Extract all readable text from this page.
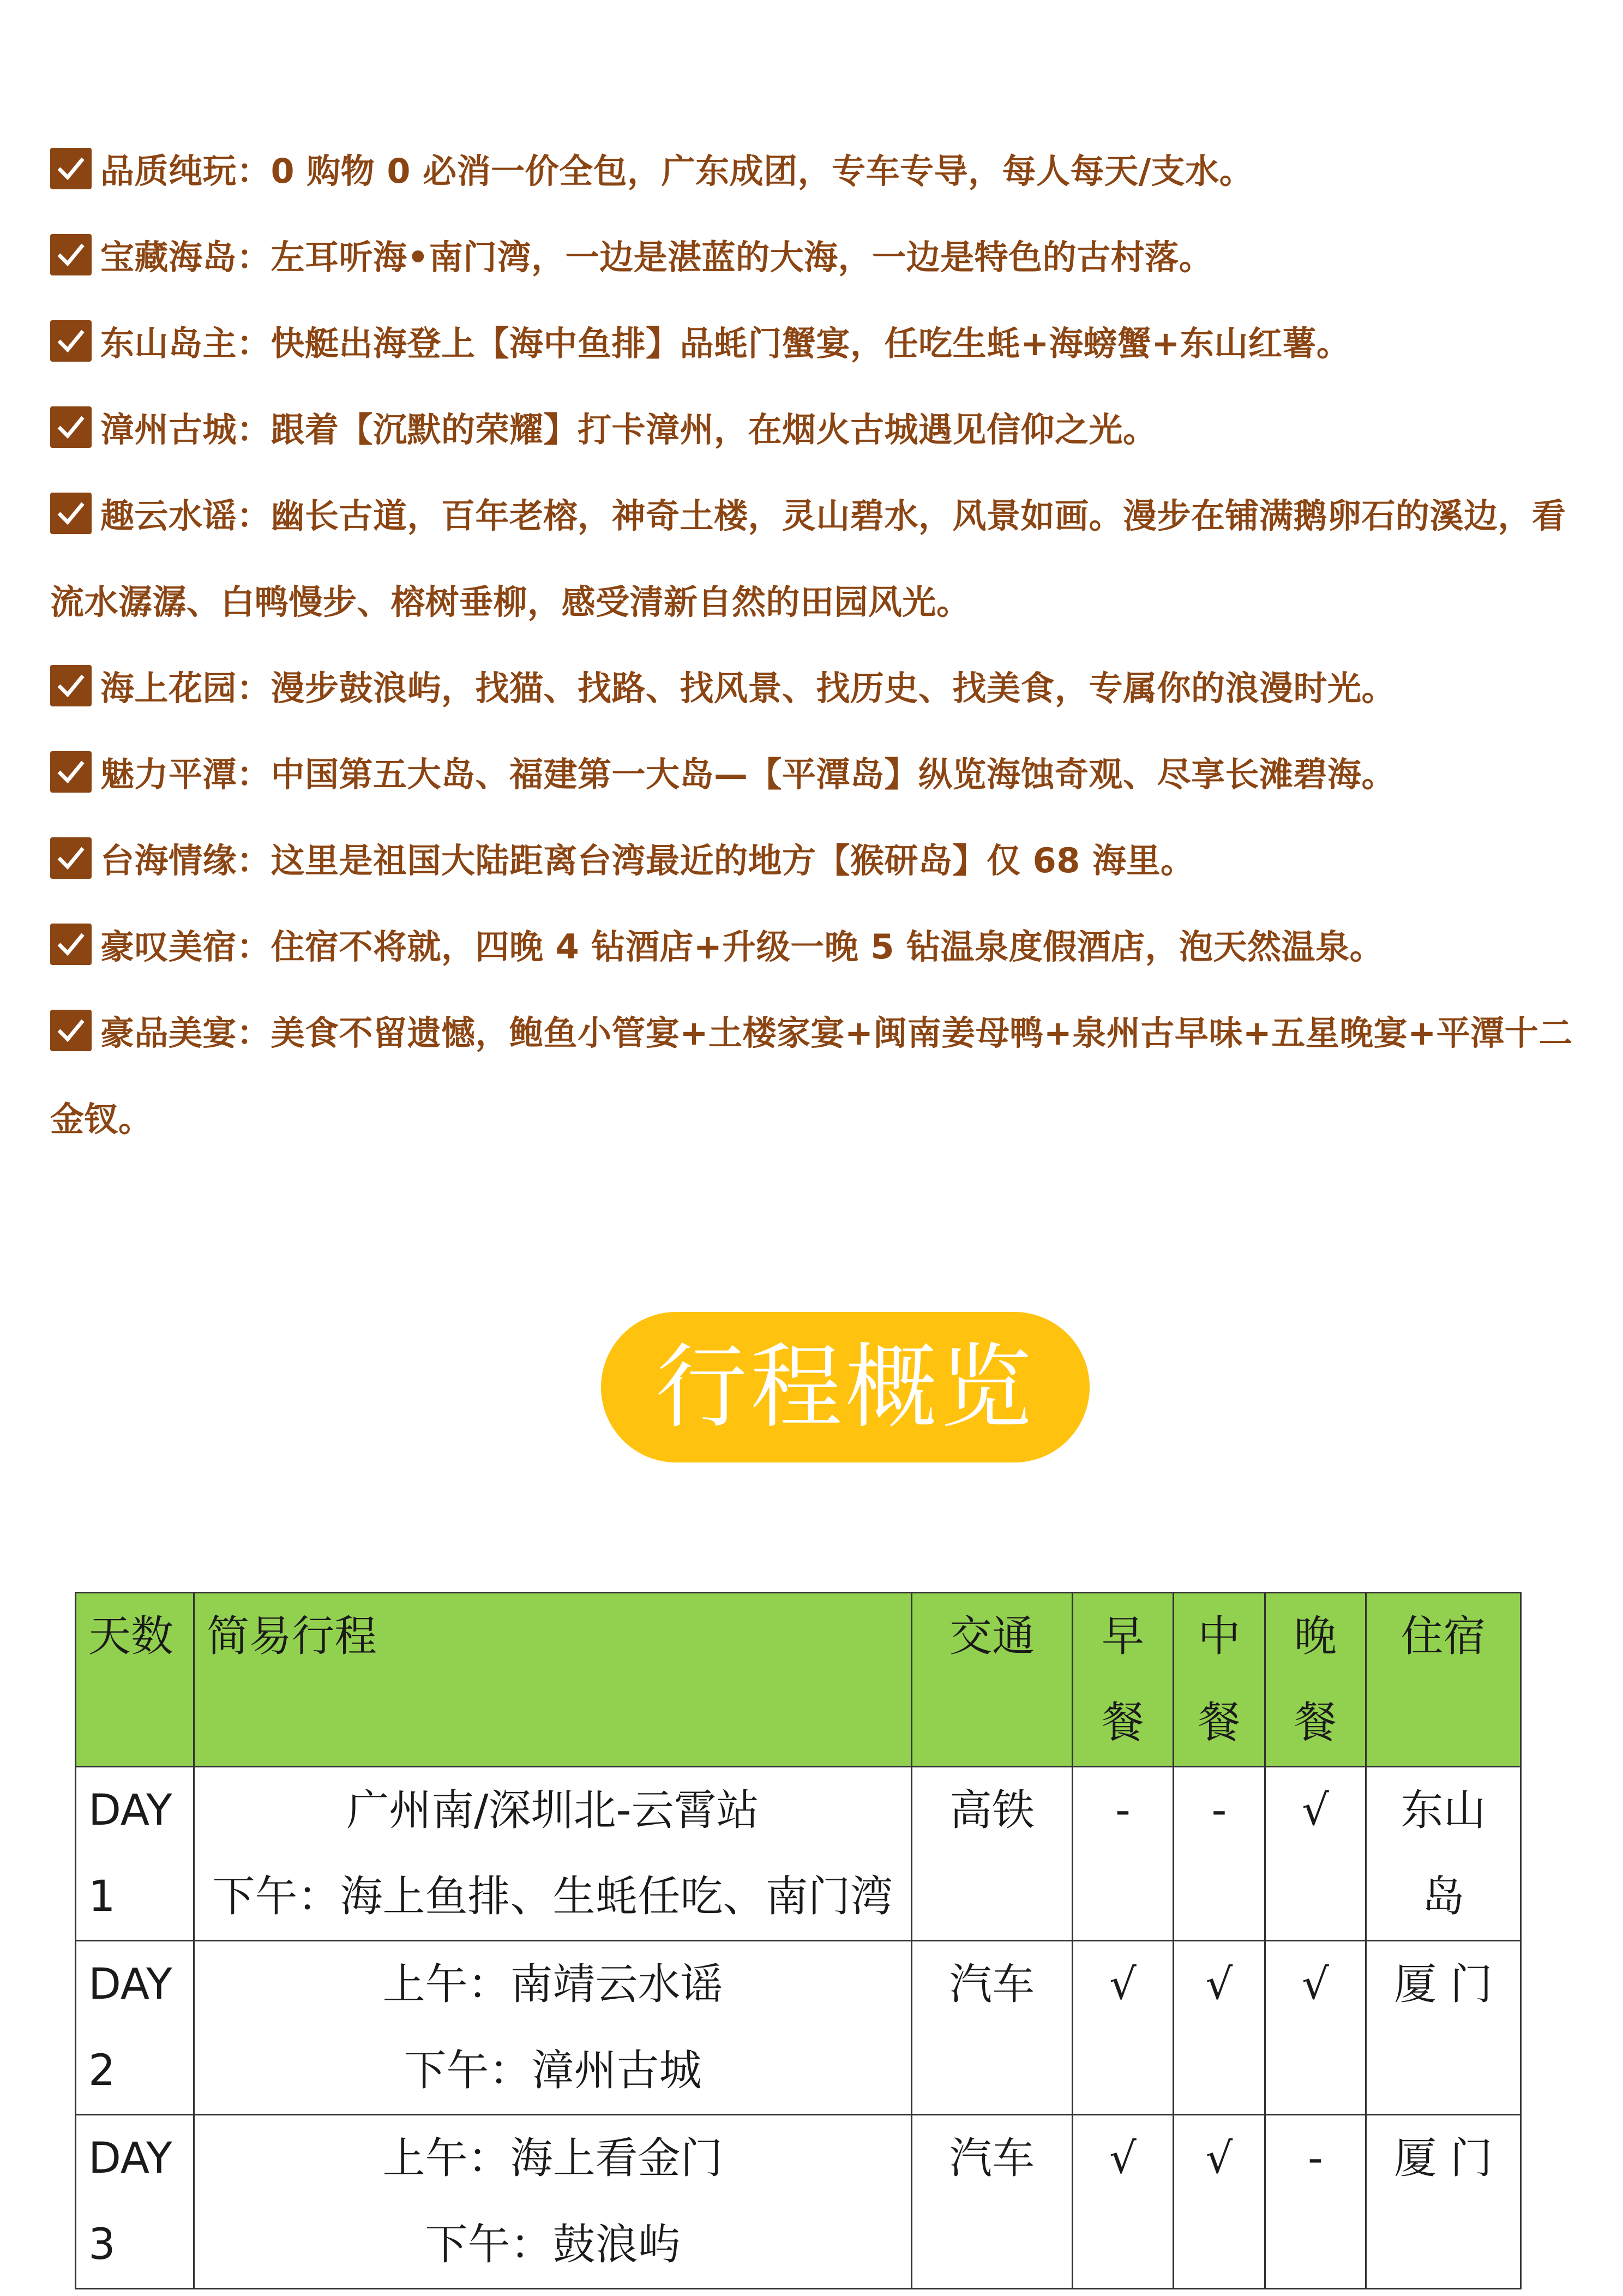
品质纯玩：0 购物 0 必消一价全包，广东成团，专车专导，每人每天/支水。
宝藏海岛：左耳听海•南门湾，一边是湛蓝的大海，一边是特色的古村落。
东山岛主：快艇出海登上【海中鱼排】品蚝门蟹宴，任吃生蚝+海螃蟹+东山红薯。
漳州古城：跟着【沉默的荣耀】打卡漳州，在烟火古城遇见信仰之光。
趣云水谣：幽长古道，百年老榕，神奇土楼，灵山碧水，风景如画。漫步在铺满鹅卵石的溪边，看流水潺潺、白鸭慢步、榕树垂柳，感受清新自然的田园风光。
海上花园：漫步鼓浪屿，找猫、找路、找风景、找历史、找美食，专属你的浪漫时光。
魅力平潭：中国第五大岛、福建第一大岛—【平潭岛】纵览海蚀奇观、尽享长滩碧海。
台海情缘：这里是祖国大陆距离台湾最近的地方【猴研岛】仅 68 海里。
豪叹美宿：住宿不将就，四晚 4 钻酒店+升级一晚 5 钻温泉度假酒店，泡天然温泉。
豪品美宴：美食不留遗憾，鲍鱼小管宴+土楼家宴+闽南姜母鸭+泉州古早味+五星晚宴+平潭十二金钗。
行程概览
天数	简易行程	交通	早餐	中餐	晚餐	住宿

DAY1	广州南/深圳北-云霄站
下午：海上鱼排、生蚝任吃、南门湾	高铁	-	-	√	东山岛

DAY2	上午：南靖云水谣
下午：漳州古城	汽车	√	√	√	厦 门

DAY3	上午：海上看金门
下午：鼓浪屿	汽车	√	√	-	厦 门
